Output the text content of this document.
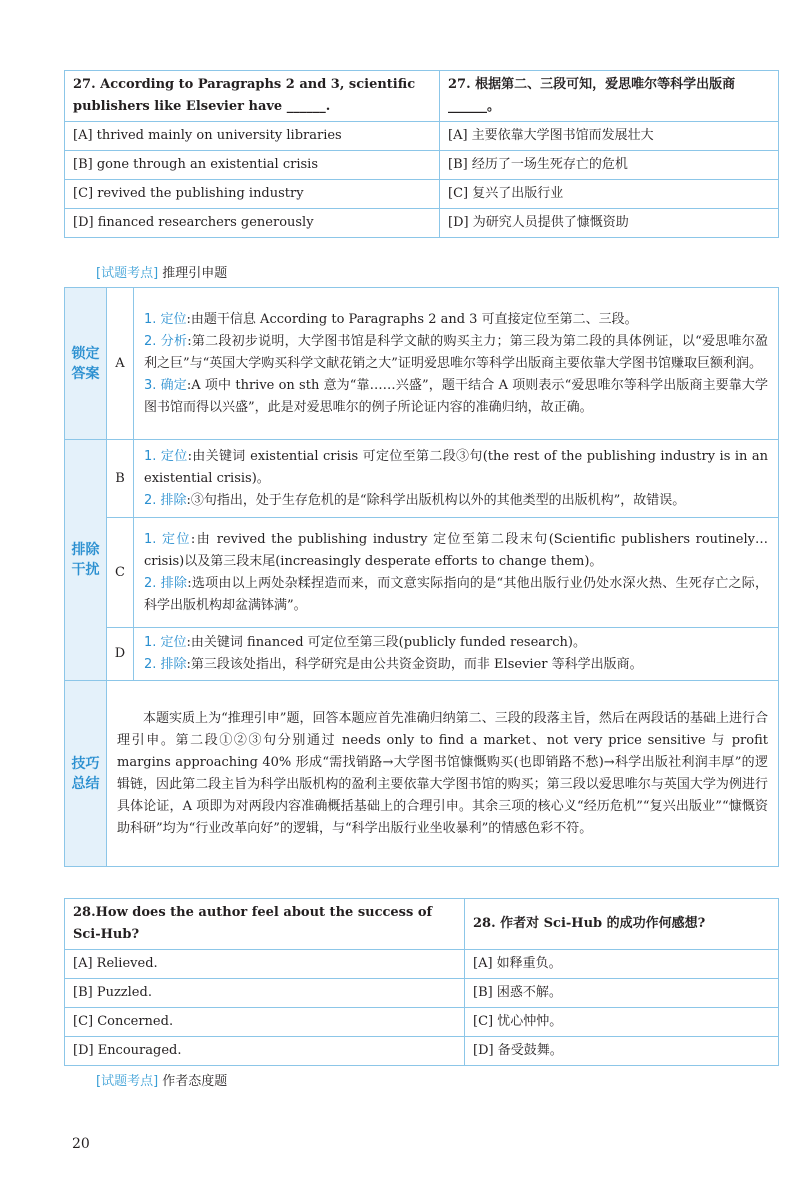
27. According to Paragraphs 2 and 3, scientific publishers like Elsevier have ______.	27. 根据第二、三段可知，爱思唯尔等科学出版商______。
[A] thrived mainly on university libraries	[A] 主要依靠大学图书馆而发展壮大
[B] gone through an existential crisis	[B] 经历了一场生死存亡的危机
[C] revived the publishing industry	[C] 复兴了出版行业
[D] financed researchers generously	[D] 为研究人员提供了慷慨资助
[试题考点] 推理引申题
锁定答案	A	1. 定位:由题干信息 According to Paragraphs 2 and 3 可直接定位至第二、三段。

2. 分析:第二段初步说明，大学图书馆是科学文献的购买主力；第三段为第二段的具体例证，以“爱思唯尔盈利之巨”与“英国大学购买科学文献花销之大”证明爱思唯尔等科学出版商主要依靠大学图书馆赚取巨额利润。

3. 确定:A 项中 thrive on sth 意为“靠……兴盛”，题干结合 A 项则表示“爱思唯尔等科学出版商主要靠大学图书馆而得以兴盛”，此是对爱思唯尔的例子所论证内容的准确归纳，故正确。

排除干扰	B	1. 定位:由关键词 existential crisis 可定位至第二段③句(the rest of the publishing industry is in an existential crisis)。

2. 排除:③句指出，处于生存危机的是“除科学出版机构以外的其他类型的出版机构”，故错误。

	C	1. 定位:由 revived the publishing industry 定位至第二段末句(Scientific publishers routinely…crisis)以及第三段末尾(increasingly desperate efforts to change them)。

2. 排除:选项由以上两处杂糅捏造而来，而文意实际指向的是“其他出版行业仍处水深火热、生死存亡之际，科学出版机构却盆满钵满”。

	D	1. 定位:由关键词 financed 可定位至第三段(publicly funded research)。

2. 排除:第三段该处指出，科学研究是由公共资金资助，而非 Elsevier 等科学出版商。

技巧总结	本题实质上为“推理引申”题，回答本题应首先准确归纳第二、三段的段落主旨，然后在两段话的基础上进行合理引申。第二段①②③句分别通过 needs only to find a market、not very price sensitive 与 profit margins approaching 40% 形成“需找销路→大学图书馆慷慨购买(也即销路不愁)→科学出版社利润丰厚”的逻辑链，因此第二段主旨为科学出版机构的盈利主要依靠大学图书馆的购买；第三段以爱思唯尔与英国大学为例进行具体论证，A 项即为对两段内容准确概括基础上的合理引申。其余三项的核心义“经历危机”“复兴出版业”“慷慨资助科研”均为“行业改革向好”的逻辑，与“科学出版行业坐收暴利”的情感色彩不符。	

28.How does the author feel about the success of Sci-Hub?	28. 作者对 Sci-Hub 的成功作何感想?
[A] Relieved.	[A] 如释重负。
[B] Puzzled.	[B] 困惑不解。
[C] Concerned.	[C] 忧心忡忡。
[D] Encouraged.	[D] 备受鼓舞。
[试题考点] 作者态度题
20
